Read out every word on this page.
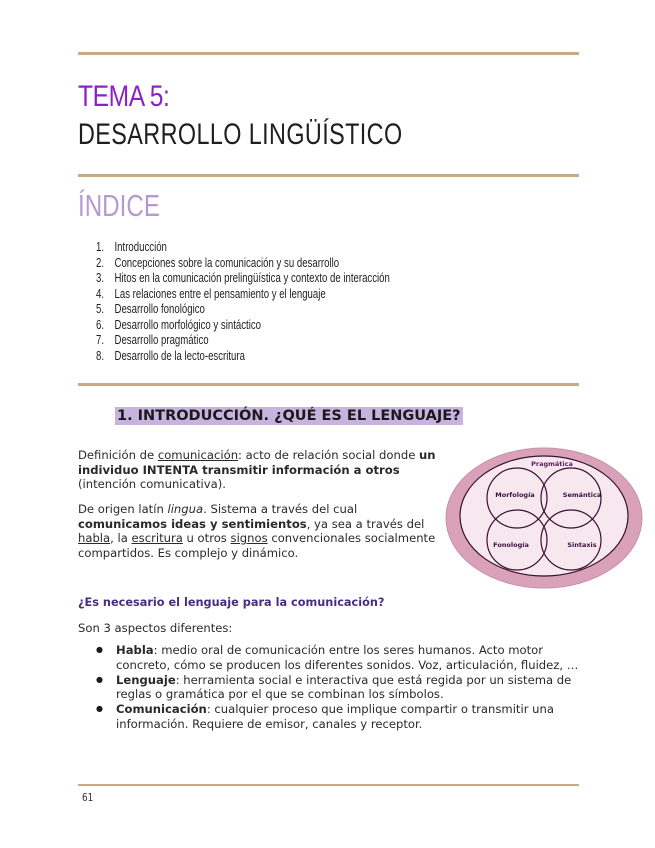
TEMA 5:
DESARROLLO LINGÜÍSTICO
ÍNDICE
1. Introducción
2. Concepciones sobre la comunicación y su desarrollo
3. Hitos en la comunicación prelingüística y contexto de interacción
4. Las relaciones entre el pensamiento y el lenguaje
5. Desarrollo fonológico
6. Desarrollo morfológico y sintáctico
7. Desarrollo pragmático
8. Desarrollo de la lecto-escritura
1. INTRODUCCIÓN. ¿QUÉ ES EL LENGUAJE?

Definición de comunicación: acto de relación social donde un individuo INTENTA transmitir información a otros (intención comunicativa).

De origen latín lingua. Sistema a través del cual comunicamos ideas y sentimientos, ya sea a través del habla, la escritura u otros signos convencionales socialmente compartidos. Es complejo y dinámico.

Pragmática
Morfología	Semántica
Fonología	Sintaxis

¿Es necesario el lenguaje para la comunicación?

Son 3 aspectos diferentes:

● Habla: medio oral de comunicación entre los seres humanos. Acto motor concreto, cómo se producen los diferentes sonidos. Voz, articulación, fluidez, …
● Lenguaje: herramienta social e interactiva que está regida por un sistema de reglas o gramática por el que se combinan los símbolos.
● Comunicación: cualquier proceso que implique compartir o transmitir una información. Requiere de emisor, canales y receptor.

61
